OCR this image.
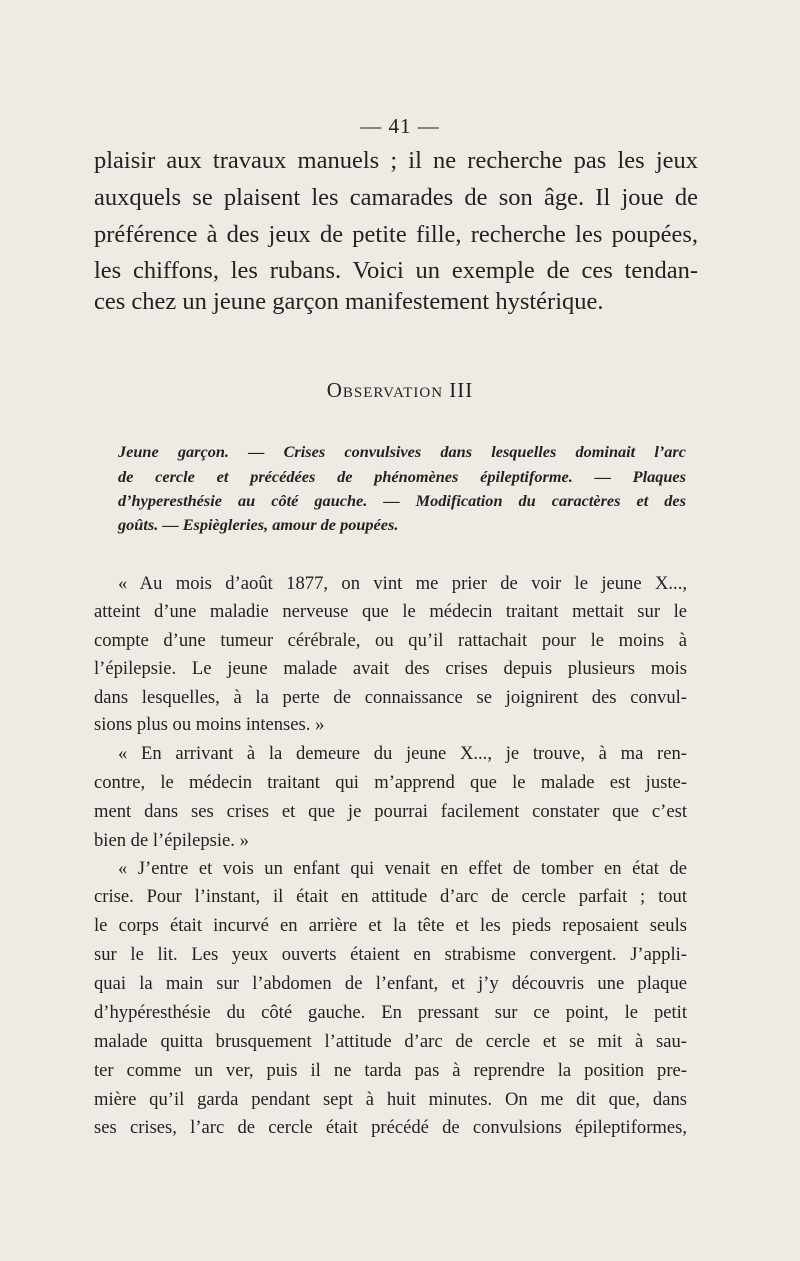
— 41 —
plaisir aux travaux manuels ; il ne recherche pas les jeux
auxquels se plaisent les camarades de son âge. Il joue de
préférence à des jeux de petite fille, recherche les poupées,
les chiffons, les rubans. Voici un exemple de ces tendan-
ces chez un jeune garçon manifestement hystérique.
Observation III
Jeune garçon. — Crises convulsives dans lesquelles dominait l’arc
de cercle et précédées de phénomènes épileptiforme. — Plaques
d’hyperesthésie au côté gauche. — Modification du caractères et des
goûts. — Espiègleries, amour de poupées.
« Au mois d’août 1877, on vint me prier de voir le jeune X...,
atteint d’une maladie nerveuse que le médecin traitant mettait sur le
compte d’une tumeur cérébrale, ou qu’il rattachait pour le moins à
l’épilepsie. Le jeune malade avait des crises depuis plusieurs mois
dans lesquelles, à la perte de connaissance se joignirent des convul-
sions plus ou moins intenses. »
« En arrivant à la demeure du jeune X..., je trouve, à ma ren-
contre, le médecin traitant qui m’apprend que le malade est juste-
ment dans ses crises et que je pourrai facilement constater que c’est
bien de l’épilepsie. »
« J’entre et vois un enfant qui venait en effet de tomber en état de
crise. Pour l’instant, il était en attitude d’arc de cercle parfait ; tout
le corps était incurvé en arrière et la tête et les pieds reposaient seuls
sur le lit. Les yeux ouverts étaient en strabisme convergent. J’appli-
quai la main sur l’abdomen de l’enfant, et j’y découvris une plaque
d’hypéresthésie du côté gauche. En pressant sur ce point, le petit
malade quitta brusquement l’attitude d’arc de cercle et se mit à sau-
ter comme un ver, puis il ne tarda pas à reprendre la position pre-
mière qu’il garda pendant sept à huit minutes. On me dit que, dans
ses crises, l’arc de cercle était précédé de convulsions épileptiformes,
